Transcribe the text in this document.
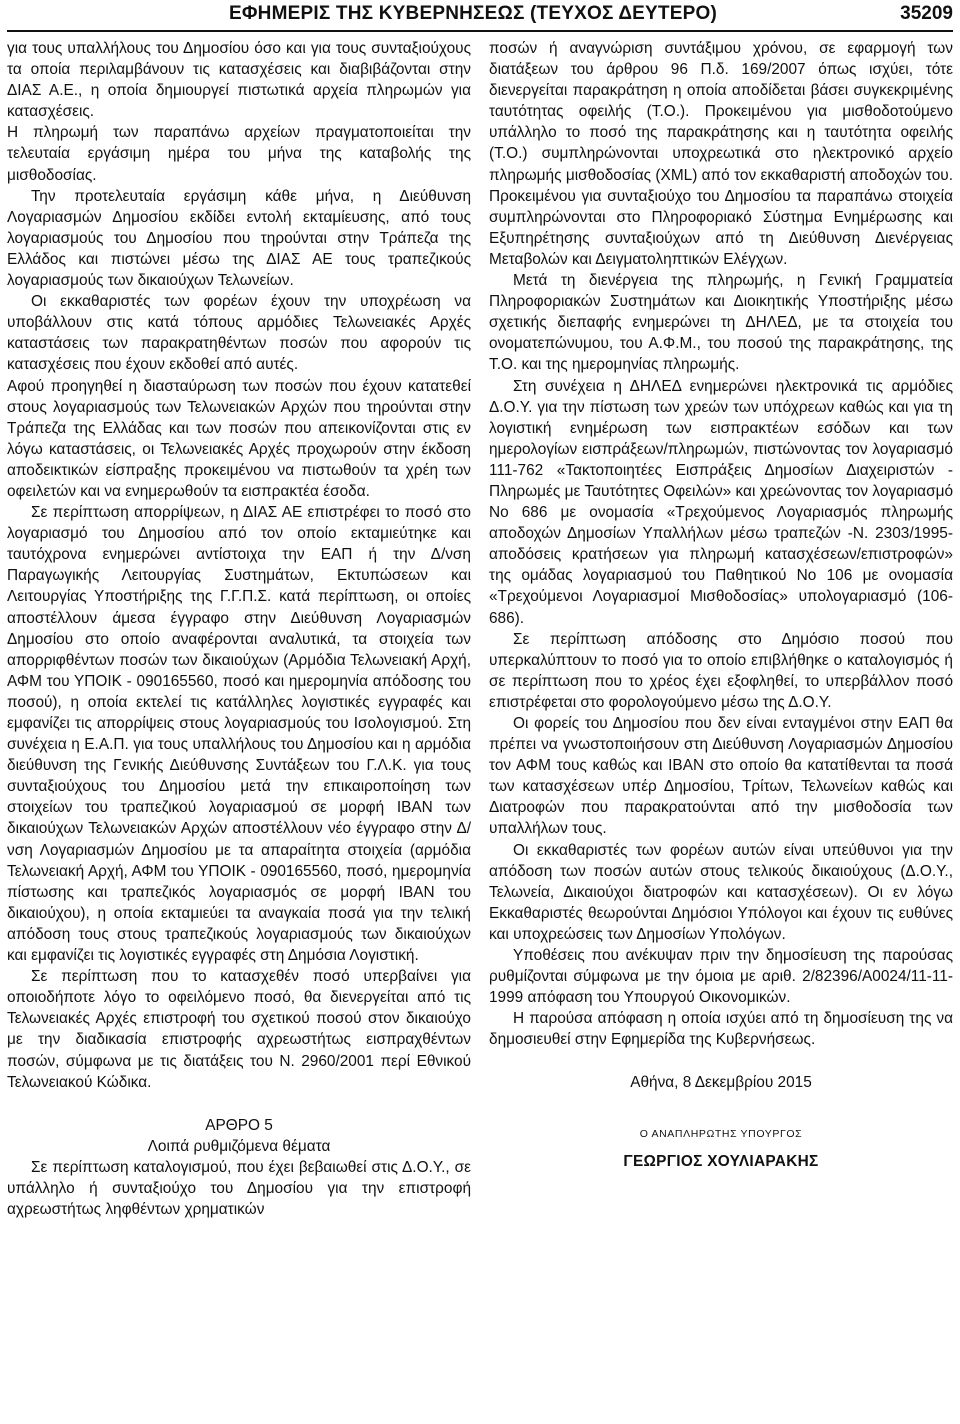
ΕΦΗΜΕΡΙΣ ΤΗΣ ΚΥΒΕΡΝΗΣΕΩΣ (ΤΕΥΧΟΣ ΔΕΥΤΕΡΟ)	35209

για τους υπαλλήλους του Δημοσίου όσο και για τους συνταξιούχους τα οποία περιλαμβάνουν τις κατασχέσεις και διαβιβάζονται στην ΔΙΑΣ Α.Ε., η οποία δημιουργεί πιστωτικά αρχεία πληρωμών για κατασχέσεις.

Η πληρωμή των παραπάνω αρχείων πραγματοποιείται την τελευταία εργάσιμη ημέρα του μήνα της καταβολής της μισθοδοσίας.

Την προτελευταία εργάσιμη κάθε μήνα, η Διεύθυνση Λογαριασμών Δημοσίου εκδίδει εντολή εκταμίευσης, από τους λογαριασμούς του Δημοσίου που τηρούνται στην Τράπεζα της Ελλάδος και πιστώνει μέσω της ΔΙΑΣ ΑΕ τους τραπεζικούς λογαριασμούς των δικαιούχων Τελωνείων.

Οι εκκαθαριστές των φορέων έχουν την υποχρέωση να υποβάλλουν στις κατά τόπους αρμόδιες Τελωνειακές Αρχές καταστάσεις των παρακρατηθέντων ποσών που αφορούν τις κατασχέσεις που έχουν εκδοθεί από αυτές.

Αφού προηγηθεί η διασταύρωση των ποσών που έχουν κατατεθεί στους λογαριασμούς των Τελωνειακών Αρχών που τηρούνται στην Τράπεζα της Ελλάδας και των ποσών που απεικονίζονται στις εν λόγω καταστάσεις, οι Τελωνειακές Αρχές προχωρούν στην έκδοση αποδεικτικών είσπραξης προκειμένου να πιστωθούν τα χρέη των οφειλετών και να ενημερωθούν τα εισπρακτέα έσοδα.

Σε περίπτωση απορρίψεων, η ΔΙΑΣ ΑΕ επιστρέφει το ποσό στο λογαριασμό του Δημοσίου από τον οποίο εκταμιεύτηκε και ταυτόχρονα ενημερώνει αντίστοιχα την ΕΑΠ ή την Δ/νση Παραγωγικής Λειτουργίας Συστημάτων, Εκτυπώσεων και Λειτουργίας Υποστήριξης της Γ.Γ.Π.Σ. κατά περίπτωση, οι οποίες αποστέλλουν άμεσα έγγραφο στην Διεύθυνση Λογαριασμών Δημοσίου στο οποίο αναφέρονται αναλυτικά, τα στοιχεία των απορριφθέντων ποσών των δικαιούχων (Αρμόδια Τελωνειακή Αρχή, ΑΦΜ του ΥΠΟΙΚ - 090165560, ποσό και ημερομηνία απόδοσης του ποσού), η οποία εκτελεί τις κατάλληλες λογιστικές εγγραφές και εμφανίζει τις απορρίψεις στους λογαριασμούς του Ισολογισμού. Στη συνέχεια η Ε.Α.Π. για τους υπαλλήλους του Δημοσίου και η αρμόδια διεύθυνση της Γενικής Διεύθυνσης Συντάξεων του Γ.Λ.Κ. για τους συνταξιούχους του Δημοσίου μετά την επικαιροποίηση των στοιχείων του τραπεζικού λογαριασμού σε μορφή IBAN των δικαιούχων Τελωνειακών Αρχών αποστέλλουν νέο έγγραφο στην Δ/νση Λογαριασμών Δημοσίου με τα απαραίτητα στοιχεία (αρμόδια Τελωνειακή Αρχή, ΑΦΜ του ΥΠΟΙΚ - 090165560, ποσό, ημερομηνία πίστωσης και τραπεζικός λογαριασμός σε μορφή IBAN του δικαιούχου), η οποία εκταμιεύει τα αναγκαία ποσά για την τελική απόδοση τους στους τραπεζικούς λογαριασμούς των δικαιούχων και εμφανίζει τις λογιστικές εγγραφές στη Δημόσια Λογιστική.

Σε περίπτωση που το κατασχεθέν ποσό υπερβαίνει για οποιοδήποτε λόγο το οφειλόμενο ποσό, θα διενεργείται από τις Τελωνειακές Αρχές επιστροφή του σχετικού ποσού στον δικαιούχο με την διαδικασία επιστροφής αχρεωστήτως εισπραχθέντων ποσών, σύμφωνα με τις διατάξεις του Ν. 2960/2001 περί Εθνικού Τελωνειακού Κώδικα.

ΑΡΘΡΟ 5

Λοιπά ρυθμιζόμενα θέματα

Σε περίπτωση καταλογισμού, που έχει βεβαιωθεί στις Δ.Ο.Υ., σε υπάλληλο ή συνταξιούχο του Δημοσίου για την επιστροφή αχρεωστήτως ληφθέντων χρηματικών

ποσών ή αναγνώριση συντάξιμου χρόνου, σε εφαρμογή των διατάξεων του άρθρου 96 Π.δ. 169/2007 όπως ισχύει, τότε διενεργείται παρακράτηση η οποία αποδίδεται βάσει συγκεκριμένης ταυτότητας οφειλής (Τ.Ο.). Προκειμένου για μισθοδοτούμενο υπάλληλο το ποσό της παρακράτησης και η ταυτότητα οφειλής (Τ.Ο.) συμπληρώνονται υποχρεωτικά στο ηλεκτρονικό αρχείο πληρωμής μισθοδοσίας (XML) από τον εκκαθαριστή αποδοχών του. Προκειμένου για συνταξιούχο του Δημοσίου τα παραπάνω στοιχεία συμπληρώνονται στο Πληροφοριακό Σύστημα Ενημέρωσης και Εξυπηρέτησης συνταξιούχων από τη Διεύθυνση Διενέργειας Μεταβολών και Δειγματοληπτικών Ελέγχων.

Μετά τη διενέργεια της πληρωμής, η Γενική Γραμματεία Πληροφοριακών Συστημάτων και Διοικητικής Υποστήριξης μέσω σχετικής διεπαφής ενημερώνει τη ΔΗΛΕΔ, με τα στοιχεία του ονοματεπώνυμου, του Α.Φ.Μ., του ποσού της παρακράτησης, της Τ.Ο. και της ημερομηνίας πληρωμής.

Στη συνέχεια η ΔΗΛΕΔ ενημερώνει ηλεκτρονικά τις αρμόδιες Δ.Ο.Υ. για την πίστωση των χρεών των υπόχρεων καθώς και για τη λογιστική ενημέρωση των εισπρακτέων εσόδων και των ημερολογίων εισπράξεων/πληρωμών, πιστώνοντας τον λογαριασμό 111-762 «Τακτοποιητέες Εισπράξεις Δημοσίων Διαχειριστών - Πληρωμές με Ταυτότητες Οφειλών» και χρεώνοντας τον λογαριασμό Νο 686 με ονομασία «Τρεχούμενος Λογαριασμός πληρωμής αποδοχών Δημοσίων Υπαλλήλων μέσω τραπεζών -Ν. 2303/1995- αποδόσεις κρατήσεων για πληρωμή κατασχέσεων/επιστροφών» της ομάδας λογαριασμού του Παθητικού Νο 106 με ονομασία «Τρεχούμενοι Λογαριασμοί Μισθοδοσίας» υπολογαριασμό (106-686).

Σε περίπτωση απόδοσης στο Δημόσιο ποσού που υπερκαλύπτουν το ποσό για το οποίο επιβλήθηκε ο καταλογισμός ή σε περίπτωση που το χρέος έχει εξοφληθεί, το υπερβάλλον ποσό επιστρέφεται στο φορολογούμενο μέσω της Δ.Ο.Υ.

Οι φορείς του Δημοσίου που δεν είναι ενταγμένοι στην ΕΑΠ θα πρέπει να γνωστοποιήσουν στη Διεύθυνση Λογαριασμών Δημοσίου τον ΑΦΜ τους καθώς και IBAN στο οποίο θα κατατίθενται τα ποσά των κατασχέσεων υπέρ Δημοσίου, Τρίτων, Τελωνείων καθώς και Διατροφών που παρακρατούνται από την μισθοδοσία των υπαλλήλων τους.

Οι εκκαθαριστές των φορέων αυτών είναι υπεύθυνοι για την απόδοση των ποσών αυτών στους τελικούς δικαιούχους (Δ.Ο.Υ., Τελωνεία, Δικαιούχοι διατροφών και κατασχέσεων). Οι εν λόγω Εκκαθαριστές θεωρούνται Δημόσιοι Υπόλογοι και έχουν τις ευθύνες και υποχρεώσεις των Δημοσίων Υπολόγων.

Υποθέσεις που ανέκυψαν πριν την δημοσίευση της παρούσας ρυθμίζονται σύμφωνα με την όμοια με αριθ. 2/82396/Α0024/11-11-1999 απόφαση του Υπουργού Οικονομικών.

Η παρούσα απόφαση η οποία ισχύει από τη δημοσίευση της να δημοσιευθεί στην Εφημερίδα της Κυβερνήσεως.

Αθήνα, 8 Δεκεμβρίου 2015

Ο ΑΝΑΠΛΗΡΩΤΗΣ ΥΠΟΥΡΓΟΣ

ΓΕΩΡΓΙΟΣ ΧΟΥΛΙΑΡΑΚΗΣ
